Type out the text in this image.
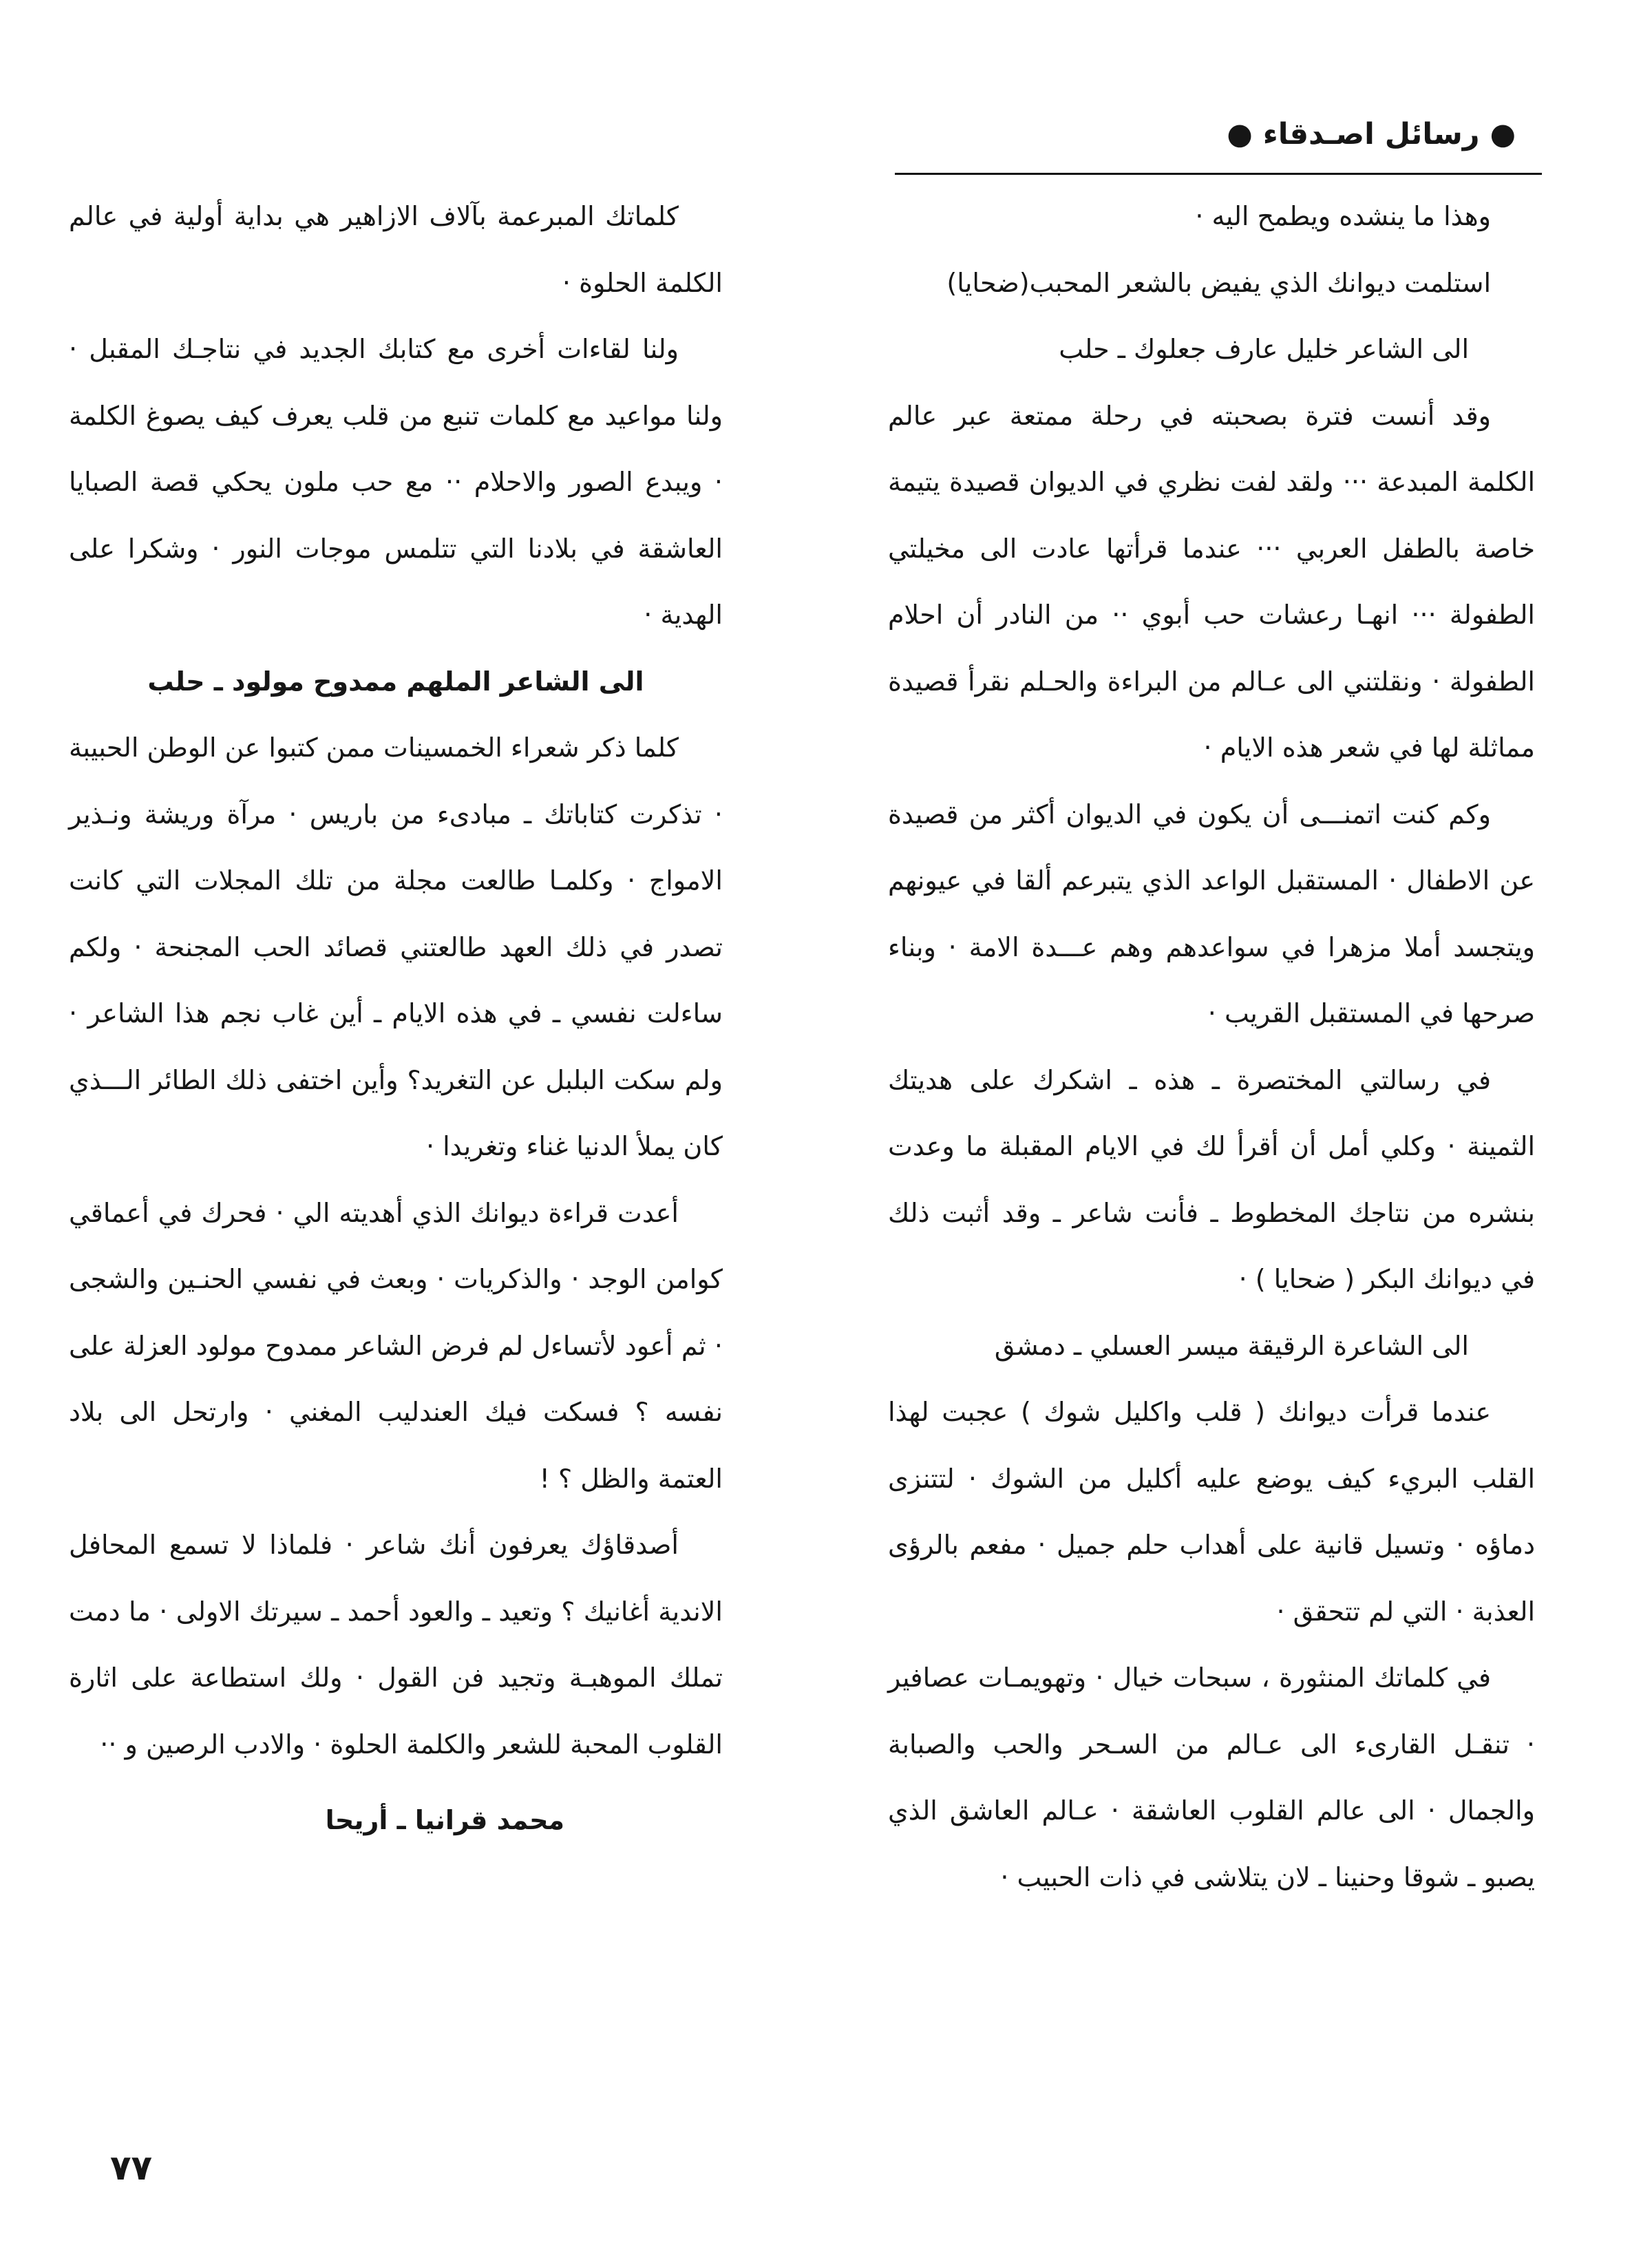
● رسائل اصـدقاء ●

وهذا ما ينشده ويطمح اليه ·

استلمت ديوانك الذي يفيض بالشعر المحبب(ضحايا)

الى الشاعر خليل عارف جعلوك ـ حلب

وقد أنست فترة بصحبته في رحلة ممتعة عبر عالم الكلمة المبدعة ··· ولقد لفت نظري في الديوان قصيدة يتيمة خاصة بالطفل العربي ··· عندما قرأتها عادت الى مخيلتي الطفولة ··· انهـا رعشات حب أبوي ·· من النادر أن احلام الطفولة · ونقلتني الى عـالم من البراءة والحـلم نقرأ قصيدة مماثلة لها في شعر هذه الايام ·

وكم كنت اتمنـــى أن يكون في الديوان أكثر من قصيدة عن الاطفال · المستقبل الواعد الذي يتبرعم ألقا في عيونهم ويتجسد أملا مزهرا في سواعدهم وهم عـــدة الامة · وبناء صرحها في المستقبل القريب ·

في رسالتي المختصرة ـ هذه ـ اشكرك على هديتك الثمينة · وكلي أمل أن أقرأ لك في الايام المقبلة ما وعدت بنشره من نتاجك المخطوط ـ فأنت شاعر ـ وقد أثبت ذلك في ديوانك البكر ( ضحايا ) ·

الى الشاعرة الرقيقة ميسر العسلي ـ دمشق

عندما قرأت ديوانك ( قلب واكليل شوك ) عجبت لهذا القلب البريء كيف يوضع عليه أكليل من الشوك · لتتنزى دماؤه · وتسيل قانية على أهداب حلم جميل · مفعم بالرؤى العذبة · التي لم تتحقق ·

في كلماتك المنثورة ، سبحات خيال · وتهويمـات عصافير · تنقـل القارىء الى عـالم من السـحر والحب والصبابة والجمال · الى عالم القلوب العاشقة · عـالم العاشق الذي يصبو ـ شوقا وحنينا ـ لان يتلاشى في ذات الحبيب ·

كلماتك المبرعمة بآلاف الازاهير هي بداية أولية في عالم الكلمة الحلوة ·

ولنا لقاءات أخرى مع كتابك الجديد في نتاجـك المقبل · ولنا مواعيد مع كلمات تنبع من قلب يعرف كيف يصوغ الكلمة · ويبدع الصور والاحلام ·· مع حب ملون يحكي قصة الصبايا العاشقة في بلادنا التي تتلمس موجات النور · وشكرا على الهدية ·

الى الشاعر الملهم ممدوح مولود ـ حلب

كلما ذكر شعراء الخمسينات ممن كتبوا عن الوطن الحبيبة · تذكرت كتاباتك ـ مبادىء من باريس · مرآة وريشة ونـذير الامواج · وكلمـا طالعت مجلة من تلك المجلات التي كانت تصدر في ذلك العهد طالعتني قصائد الحب المجنحة · ولكم ساءلت نفسي ـ في هذه الايام ـ أين غاب نجم هذا الشاعر · ولم سكت البلبل عن التغريد؟ وأين اختفى ذلك الطائر الـــذي كان يملأ الدنيا غناء وتغريدا ·

أعدت قراءة ديوانك الذي أهديته الي · فحرك في أعماقي كوامن الوجد · والذكريات · وبعث في نفسي الحنـين والشجى · ثم أعود لأتساءل لم فرض الشاعر ممدوح مولود العزلة على نفسه ؟ فسكت فيك العندليب المغني · وارتحل الى بلاد العتمة والظل ؟ !

أصدقاؤك يعرفون أنك شاعر · فلماذا لا تسمع المحافل الاندية أغانيك ؟ وتعيد ـ والعود أحمد ـ سيرتك الاولى · ما دمت تملك الموهبـة وتجيد فن القول · ولك استطاعة على اثارة القلوب المحبة للشعر والكلمة الحلوة · والادب الرصين و ··

محمد قرانيا ـ أريحا

٧٧
